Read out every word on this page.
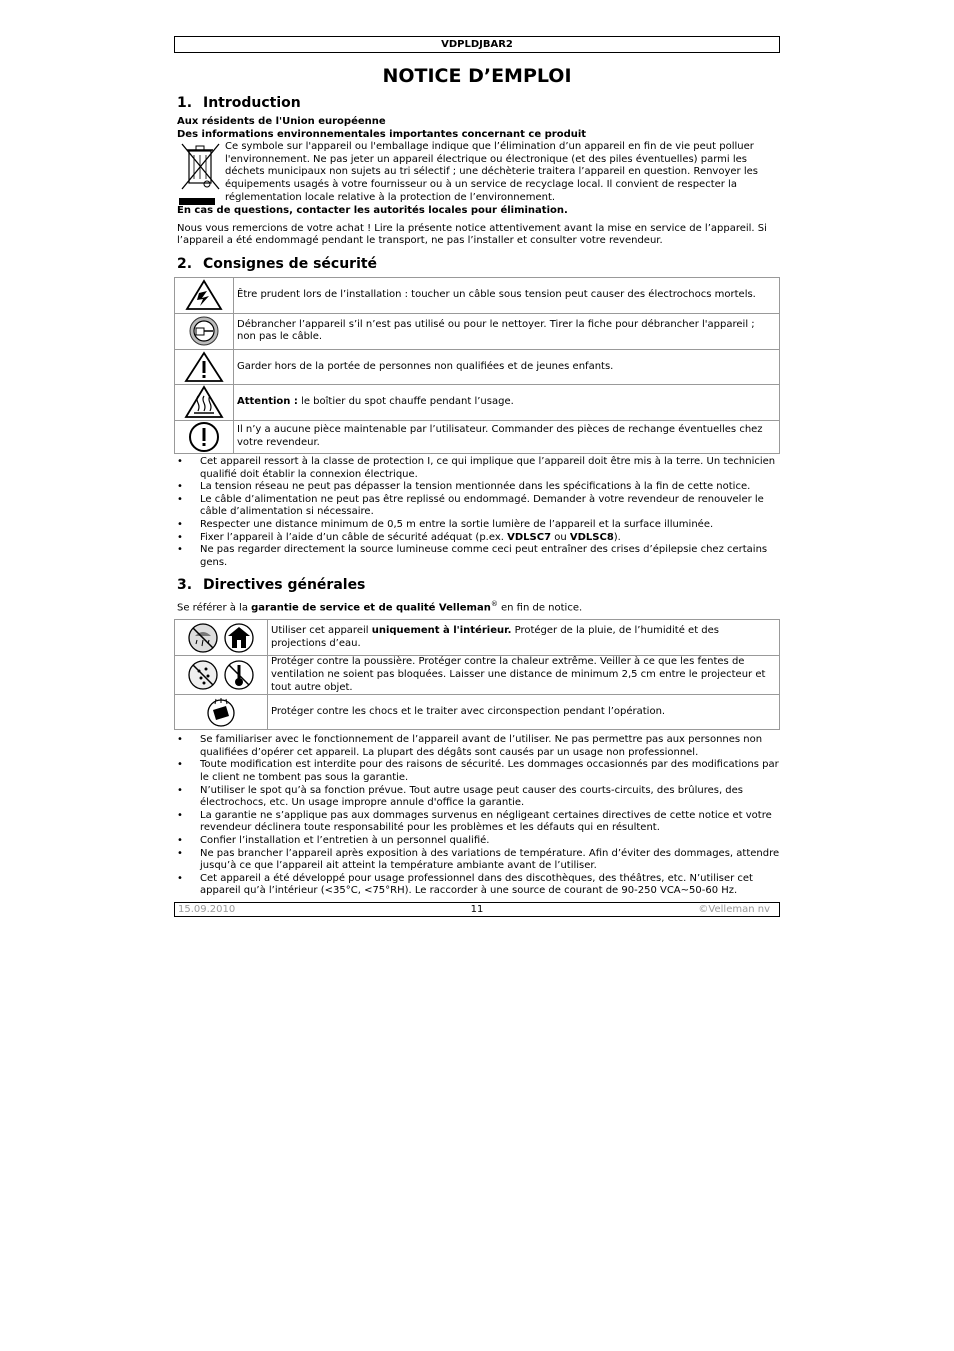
VDPLDJBAR2
NOTICE D’EMPLOI
1. Introduction
Aux résidents de l'Union européenne
Des informations environnementales importantes concernant ce produit
Ce symbole sur l'appareil ou l'emballage indique que l’élimination d’un appareil en fin de vie peut polluer l'environnement. Ne pas jeter un appareil électrique ou électronique (et des piles éventuelles) parmi les déchets municipaux non sujets au tri sélectif ; une déchèterie traitera l’appareil en question. Renvoyer les équipements usagés à votre fournisseur ou à un service de recyclage local. Il convient de respecter la réglementation locale relative à la protection de l’environnement.
En cas de questions, contacter les autorités locales pour élimination.
Nous vous remercions de votre achat ! Lire la présente notice attentivement avant la mise en service de l’appareil. Si l’appareil a été endommagé pendant le transport, ne pas l’installer et consulter votre revendeur.
2. Consignes de sécurité
	Être prudent lors de l’installation : toucher un câble sous tension peut causer des électrochocs mortels.

	Débrancher l’appareil s’il n’est pas utilisé ou pour le nettoyer. Tirer la fiche pour débrancher l'appareil ; non pas le câble.

	Garder hors de la portée de personnes non qualifiées et de jeunes enfants.

	Attention : le boîtier du spot chauffe pendant l’usage.

	Il n’y a aucune pièce maintenable par l’utilisateur. Commander des pièces de rechange éventuelles chez votre revendeur.
• Cet appareil ressort à la classe de protection I, ce qui implique que l’appareil doit être mis à la terre. Un technicien qualifié doit établir la connexion électrique.
• La tension réseau ne peut pas dépasser la tension mentionnée dans les spécifications à la fin de cette notice.
• Le câble d’alimentation ne peut pas être replissé ou endommagé. Demander à votre revendeur de renouveler le câble d’alimentation si nécessaire.
• Respecter une distance minimum de 0,5 m entre la sortie lumière de l’appareil et la surface illuminée.
• Fixer l’appareil à l’aide d’un câble de sécurité adéquat (p.ex. VDLSC7 ou VDLSC8).
• Ne pas regarder directement la source lumineuse comme ceci peut entraîner des crises d’épilepsie chez certains gens.
3. Directives générales
Se référer à la garantie de service et de qualité Velleman® en fin de notice.
	Utiliser cet appareil uniquement à l'intérieur. Protéger de la pluie, de l’humidité et des projections d’eau.

	Protéger contre la poussière. Protéger contre la chaleur extrême. Veiller à ce que les fentes de ventilation ne soient pas bloquées. Laisser une distance de minimum 2,5 cm entre le projecteur et tout autre objet.

	Protéger contre les chocs et le traiter avec circonspection pendant l’opération.
• Se familiariser avec le fonctionnement de l’appareil avant de l’utiliser. Ne pas permettre pas aux personnes non qualifiées d’opérer cet appareil. La plupart des dégâts sont causés par un usage non professionnel.
• Toute modification est interdite pour des raisons de sécurité. Les dommages occasionnés par des modifications par le client ne tombent pas sous la garantie.
• N’utiliser le spot qu’à sa fonction prévue. Tout autre usage peut causer des courts-circuits, des brûlures, des électrochocs, etc. Un usage impropre annule d'office la garantie.
• La garantie ne s’applique pas aux dommages survenus en négligeant certaines directives de cette notice et votre revendeur déclinera toute responsabilité pour les problèmes et les défauts qui en résultent.
• Confier l’installation et l’entretien à un personnel qualifié.
• Ne pas brancher l’appareil après exposition à des variations de température. Afin d’éviter des dommages, attendre jusqu’à ce que l’appareil ait atteint la température ambiante avant de l’utiliser.
• Cet appareil a été développé pour usage professionnel dans des discothèques, des théâtres, etc. N’utiliser cet appareil qu’à l’intérieur (<35°C, <75°RH). Le raccorder à une source de courant de 90-250 VCA~50-60 Hz.
15.09.2010	11	©Velleman nv
